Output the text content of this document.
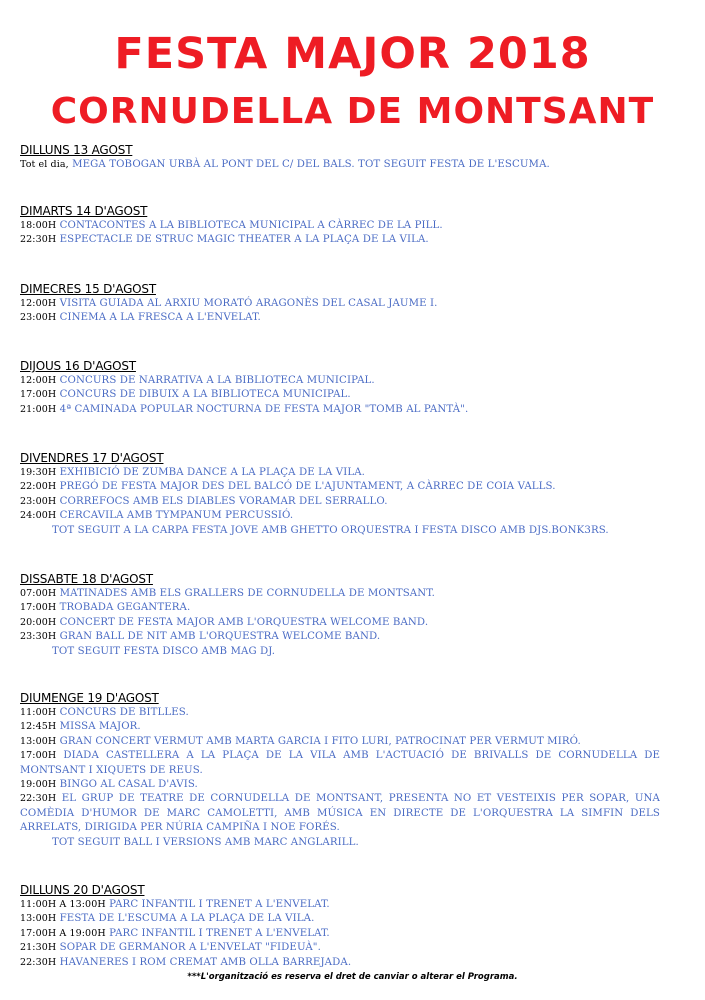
FESTA MAJOR 2018
CORNUDELLA DE MONTSANT
DILLUNS 13 AGOST
Tot el dia, MEGA TOBOGAN URBÀ AL PONT DEL C/ DEL BALS. TOT SEGUIT FESTA DE L'ESCUMA.
DIMARTS 14 D'AGOST
18:00H CONTACONTES A LA BIBLIOTECA MUNICIPAL A CÀRREC DE LA PILL.
22:30H ESPECTACLE DE STRUC MAGIC THEATER A LA PLAÇA DE LA VILA.
DIMECRES 15 D'AGOST
12:00H VISITA GUIADA AL ARXIU MORATÓ ARAGONÈS DEL CASAL JAUME I.
23:00H CINEMA A LA FRESCA A L'ENVELAT.
DIJOUS 16 D'AGOST
12:00H CONCURS DE NARRATIVA A LA BIBLIOTECA MUNICIPAL.
17:00H CONCURS DE DIBUIX A LA BIBLIOTECA MUNICIPAL.
21:00H 4ª CAMINADA POPULAR NOCTURNA DE FESTA MAJOR "TOMB AL PANTÀ".
DIVENDRES 17 D'AGOST
19:30H EXHIBICIÓ DE ZUMBA DANCE A LA PLAÇA DE LA VILA.
22:00H PREGÓ DE FESTA MAJOR DES DEL BALCÓ DE L'AJUNTAMENT, A CÀRREC DE COIA VALLS.
23:00H CORREFOCS AMB ELS DIABLES VORAMAR DEL SERRALLO.
24:00H CERCAVILA AMB TYMPANUM PERCUSSIÓ.
TOT SEGUIT A LA CARPA FESTA JOVE AMB GHETTO ORQUESTRA I FESTA DISCO AMB DJS.BONK3RS.
DISSABTE 18 D'AGOST
07:00H MATINADES AMB ELS GRALLERS DE CORNUDELLA DE MONTSANT.
17:00H TROBADA GEGANTERA.
20:00H CONCERT DE FESTA MAJOR AMB L'ORQUESTRA WELCOME BAND.
23:30H GRAN BALL DE NIT AMB L'ORQUESTRA WELCOME BAND.
TOT SEGUIT FESTA DISCO AMB MAG DJ.
DIUMENGE 19 D'AGOST
11:00H CONCURS DE BITLLES.
12:45H MISSA MAJOR.
13:00H GRAN CONCERT VERMUT AMB MARTA GARCIA I FITO LURI, PATROCINAT PER VERMUT MIRÓ.
17:00H DIADA CASTELLERA A LA PLAÇA DE LA VILA AMB L'ACTUACIÓ DE BRIVALLS DE CORNUDELLA DE MONTSANT I XIQUETS DE REUS.
19:00H BINGO AL CASAL D'AVIS.
22:30H EL GRUP DE TEATRE DE CORNUDELLA DE MONTSANT, PRESENTA NO ET VESTEIXIS PER SOPAR, UNA COMÈDIA D'HUMOR DE MARC CAMOLETTI, AMB MÚSICA EN DIRECTE DE L'ORQUESTRA LA SIMFIN DELS ARRELATS, DIRIGIDA PER NÚRIA CAMPIÑA I NOE FORÉS.
TOT SEGUIT BALL I VERSIONS AMB MARC ANGLARILL.
DILLUNS 20 D'AGOST
11:00H A 13:00H PARC INFANTIL I TRENET A L'ENVELAT.
13:00H FESTA DE L'ESCUMA A LA PLAÇA DE LA VILA.
17:00H A 19:00H PARC INFANTIL I TRENET A L'ENVELAT.
21:30H SOPAR DE GERMANOR A L'ENVELAT "FIDEUÀ".
22:30H HAVANERES I ROM CREMAT AMB OLLA BARREJADA.
***L'organització es reserva el dret de canviar o alterar el Programa.
